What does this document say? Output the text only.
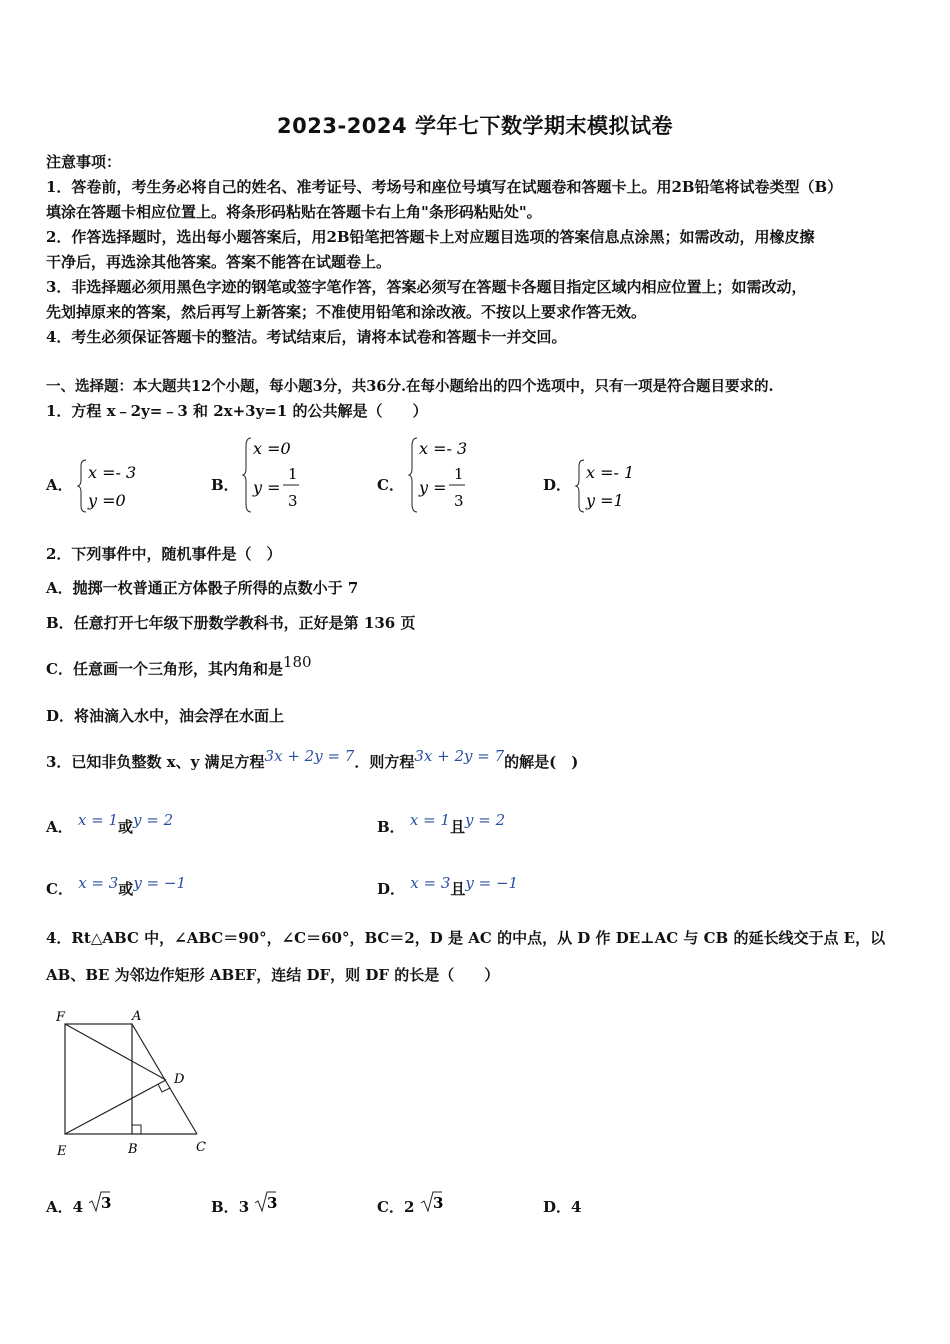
2023-2024 学年七下数学期末模拟试卷
注意事项：
1．答卷前，考生务必将自己的姓名、准考证号、考场号和座位号填写在试题卷和答题卡上。用2B铅笔将试卷类型（B）
填涂在答题卡相应位置上。将条形码粘贴在答题卡右上角"条形码粘贴处"。
2．作答选择题时，选出每小题答案后，用2B铅笔把答题卡上对应题目选项的答案信息点涂黑；如需改动，用橡皮擦
干净后，再选涂其他答案。答案不能答在试题卷上。
3．非选择题必须用黑色字迹的钢笔或签字笔作答，答案必须写在答题卡各题目指定区域内相应位置上；如需改动，
先划掉原来的答案，然后再写上新答案；不准使用铅笔和涂改液。不按以上要求作答无效。
4．考生必须保证答题卡的整洁。考试结束后，请将本试卷和答题卡一并交回。
一、选择题：本大题共12个小题，每小题3分，共36分.在每小题给出的四个选项中，只有一项是符合题目要求的.
1．方程 x﹣2y=﹣3 和 2x+3y=1 的公共解是（　　）
A．
x =- 3
y =0
B．
x =0
y =
1
3
C．
x =- 3
y =
1
3
D．
x =- 1
y =1
2．下列事件中，随机事件是（　）
A．抛掷一枚普通正方体骰子所得的点数小于 7
B．任意打开七年级下册数学教科书，正好是第 136 页
C．任意画一个三角形，其内角和是180
D．将油滴入水中，油会浮在水面上
3．已知非负整数 x、y 满足方程3x + 2y = 7．则方程3x + 2y = 7的解是(　)
A． x = 1或y = 2	B． x = 1且y = 2
C． x = 3或y = −1	D． x = 3且y = −1
4．Rt△ABC 中，∠ABC＝90°，∠C＝60°，BC＝2，D 是 AC 的中点，从 D 作 DE⊥AC 与 CB 的延长线交于点 E，以
AB、BE 为邻边作矩形 ABEF，连结 DF，则 DF 的长是（　　）
F	A
D
E	B	C
A．4 3	B．3 3	C．2 3	D．4
